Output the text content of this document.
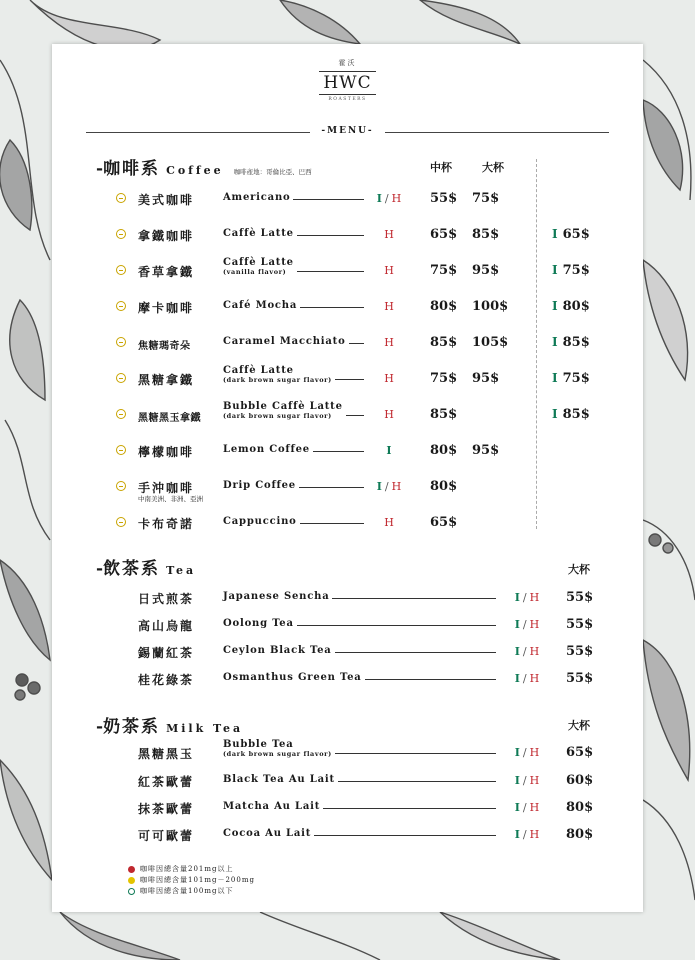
霍沃
HWC
ROASTERS
-MENU-
-咖啡系 Coffee 咖啡產地：哥倫比亞、巴西	中杯	大杯
美式咖啡	Americano	I / H	55$ 75$
拿鐵咖啡	Caffè Latte	H	65$ 85$	I 65$
香草拿鐵
Caffè Latte
(vanilla flavor)	H	75$ 95$	I 75$
摩卡咖啡	Café Mocha	H	80$ 100$	I 80$
焦糖瑪奇朵	Caramel Macchiato	H	85$ 105$	I 85$
黑糖拿鐵
Caffè Latte
(dark brown sugar flavor)	H	75$ 95$	I 75$
黑糖黑玉拿鐵
Bubble Caffè Latte
(dark brown sugar flavor)	H	85$	I 85$
檸檬咖啡	Lemon Coffee	I	80$ 95$
手沖咖啡
中南美洲、非洲、亞洲
Drip Coffee	I / H	80$
卡布奇諾	Cappuccino	H	65$
-飲茶系 Tea	大杯
日式煎茶	Japanese Sencha	I / H	55$
高山烏龍	Oolong Tea	I / H	55$
錫蘭紅茶	Ceylon Black Tea	I / H	55$
桂花綠茶	Osmanthus Green Tea	I / H	55$
-奶茶系 Milk Tea	大杯
黑糖黑玉
Bubble Tea
(dark brown sugar flavor)	I / H	65$
紅茶歐蕾	Black Tea Au Lait	I / H	60$
抹茶歐蕾	Matcha Au Lait	I / H	80$
可可歐蕾	Cocoa Au Lait	I / H	80$
咖啡因總含量201mg以上
咖啡因總含量101mg－200mg
咖啡因總含量100mg以下
